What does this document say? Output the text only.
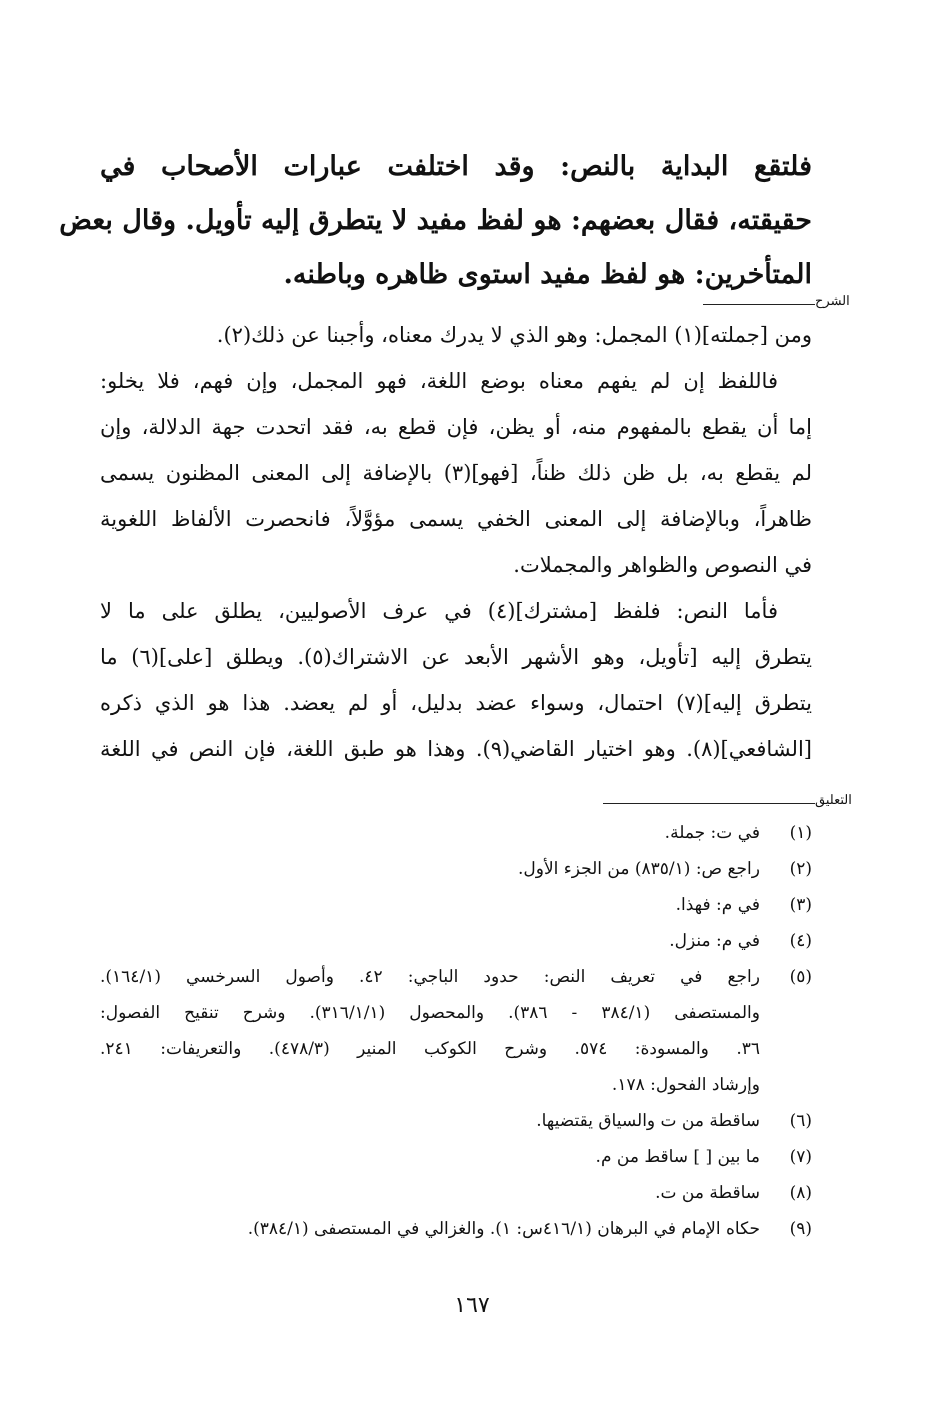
فلتقع البداية بالنص: وقد اختلفت عبارات الأصحاب في
حقيقته، فقال بعضهم: هو لفظ مفيد لا يتطرق إليه تأويل. وقال بعض
المتأخرين: هو لفظ مفيد استوى ظاهره وباطنه.
الشرح
ومن [جملته](١) المجمل: وهو الذي لا يدرك معناه، وأجبنا عن ذلك(٢).
فاللفظ إن لم يفهم معناه بوضع اللغة، فهو المجمل، وإن فهم، فلا يخلو:
إما أن يقطع بالمفهوم منه، أو يظن، فإن قطع به، فقد اتحدت جهة الدلالة، وإن
لم يقطع به، بل ظن ذلك ظناً، [فهو](٣) بالإضافة إلى المعنى المظنون يسمى
ظاهراً، وبالإضافة إلى المعنى الخفي يسمى مؤوَّلاً، فانحصرت الألفاظ اللغوية
في النصوص والظواهر والمجملات.
فأما النص: فلفظ [مشترك](٤) في عرف الأصوليين، يطلق على ما لا
يتطرق إليه [تأويل، وهو الأشهر الأبعد عن الاشتراك(٥). ويطلق [على](٦) ما
يتطرق إليه](٧) احتمال، وسواء عضد بدليل، أو لم يعضد. هذا هو الذي ذكره
[الشافعي](٨). وهو اختيار القاضي(٩). وهذا هو طبق اللغة، فإن النص في اللغة
التعليق
(١)
في ت: جملة.
(٢)
راجع ص: (٨٣٥/١) من الجزء الأول.
(٣)
في م: فهذا.
(٤)
في م: منزل.
(٥)
راجع في تعريف النص: حدود الباجي: ٤٢. وأصول السرخسي (١٦٤/١).
والمستصفى (٣٨٤/١ - ٣٨٦). والمحصول (٣١٦/١/١). وشرح تنقيح الفصول:
٣٦. والمسودة: ٥٧٤. وشرح الكوكب المنير (٤٧٨/٣). والتعريفات: ٢٤١.
وإرشاد الفحول: ١٧٨.
(٦)
ساقطة من ت والسياق يقتضيها.
(٧)
ما بين [ ] ساقط من م.
(٨)
ساقطة من ت.
(٩)
حكاه الإمام في البرهان (٤١٦/١س: ١). والغزالي في المستصفى (٣٨٤/١).
١٦٧
